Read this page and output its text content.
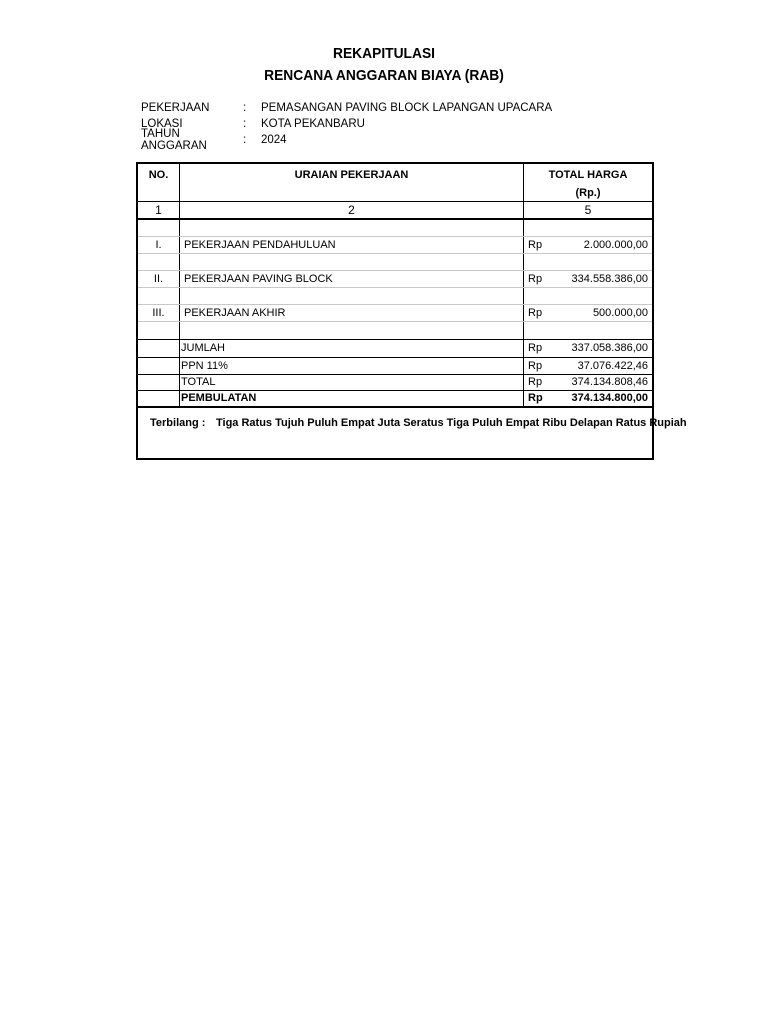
REKAPITULASI
RENCANA ANGGARAN BIAYA (RAB)
PEKERJAAN	:	PEMASANGAN PAVING BLOCK LAPANGAN UPACARA
LOKASI	:	KOTA PEKANBARU
TAHUN ANGGARAN	:	2024
NO.	URAIAN PEKERJAAN	TOTAL HARGA
(Rp.)
1	2	5
I.	PEKERJAAN PENDAHULUAN	Rp	2.000.000,00
II.	PEKERJAAN PAVING BLOCK	Rp	334.558.386,00
III.	PEKERJAAN AKHIR	Rp	500.000,00
JUMLAH	Rp	337.058.386,00
PPN 11%	Rp	37.076.422,46
TOTAL	Rp	374.134.808,46
PEMBULATAN	Rp	374.134.800,00
Terbilang : Tiga Ratus Tujuh Puluh Empat Juta Seratus Tiga Puluh Empat Ribu Delapan Ratus Rupiah
